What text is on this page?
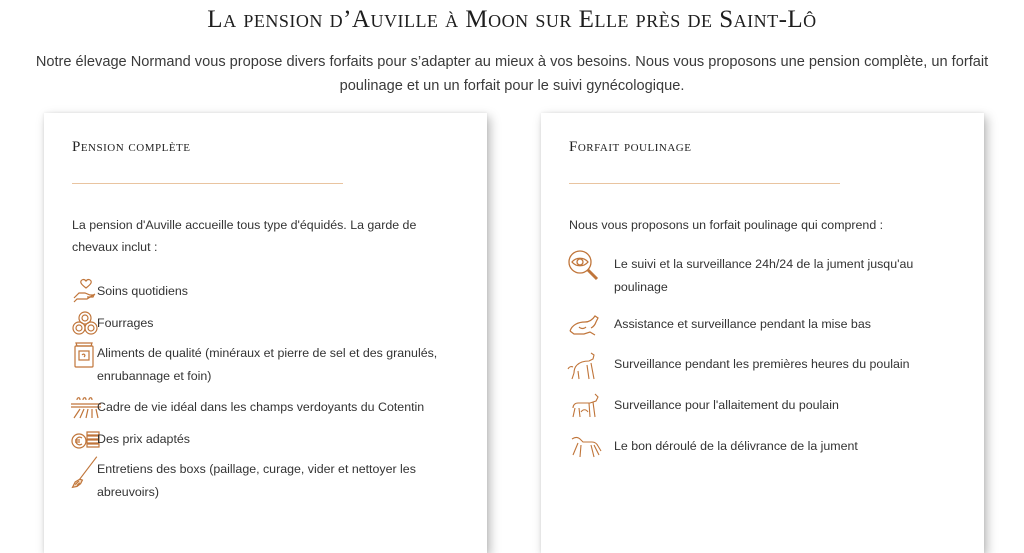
La pension d’Auville à Moon sur Elle près de Saint-Lô
Notre élevage Normand vous propose divers forfaits pour s’adapter au mieux à vos besoins. Nous vous proposons une pension complète, un forfait poulinage et un un forfait pour le suivi gynécologique.
Pension complète
La pension d'Auville accueille tous type d'équidés. La garde de chevaux inclut :
Soins quotidiens
Fourrages
Aliments de qualité (minéraux et pierre de sel et des granulés, enrubannage et foin)
Cadre de vie idéal dans les champs verdoyants du Cotentin
Des prix adaptés
Entretiens des boxs (paillage, curage, vider et nettoyer les abreuvoirs)
Forfait poulinage
Nous vous proposons un forfait poulinage qui comprend :
Le suivi et la surveillance 24h/24 de la jument jusqu'au poulinage
Assistance et surveillance pendant la mise bas
Surveillance pendant les premières heures du poulain
Surveillance pour l'allaitement du poulain
Le bon déroulé de la délivrance de la jument
